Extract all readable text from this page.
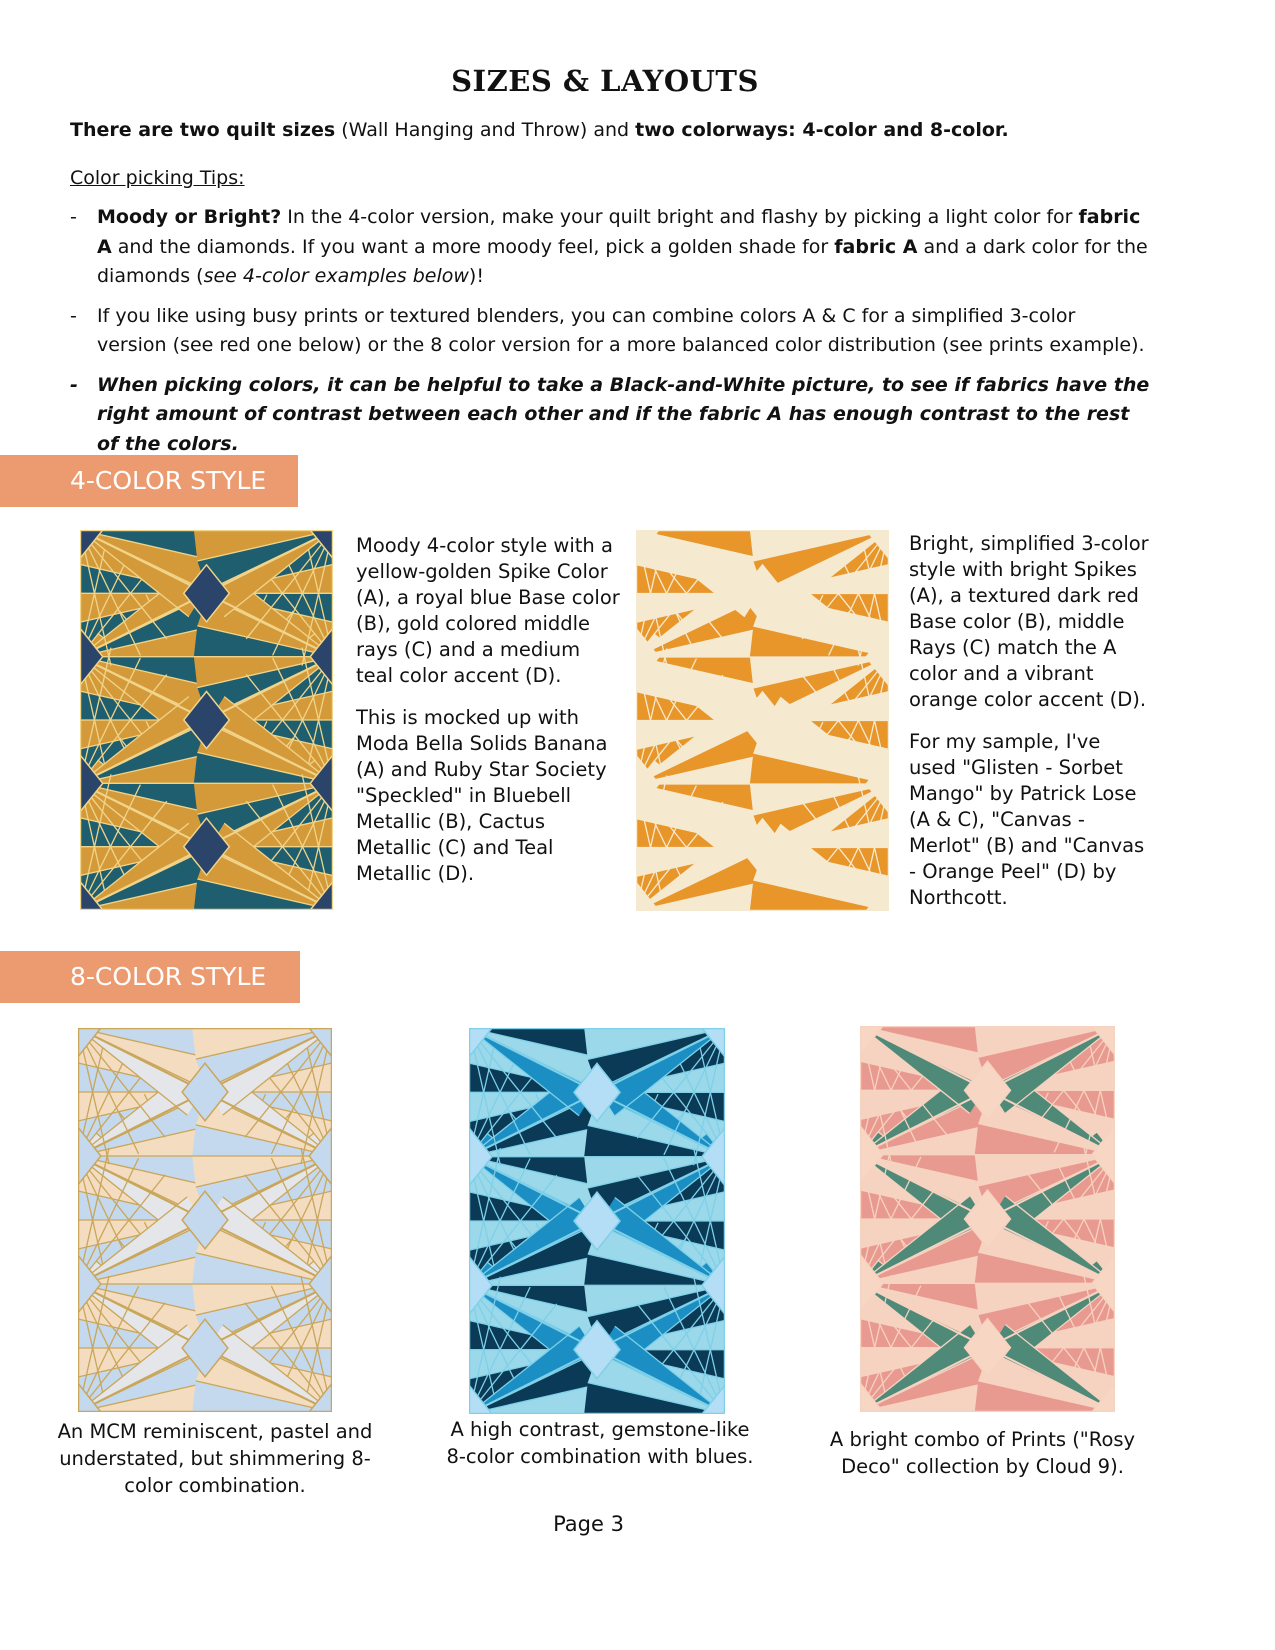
SIZES & LAYOUTS
There are two quilt sizes (Wall Hanging and Throw) and two colorways: 4-color and 8-color.
Color picking Tips:
- Moody or Bright? In the 4-color version, make your quilt bright and flashy by picking a light color for fabric A and the diamonds. If you want a more moody feel, pick a golden shade for fabric A and a dark color for the diamonds (see 4-color examples below)!
- If you like using busy prints or textured blenders, you can combine colors A & C for a simplified 3-color version (see red one below) or the 8 color version for a more balanced color distribution (see prints example).
- When picking colors, it can be helpful to take a Black-and-White picture, to see if fabrics have the right amount of contrast between each other and if the fabric A has enough contrast to the rest of the colors.
4-COLOR STYLE

Moody 4-color style with a yellow-golden Spike Color (A), a royal blue Base color (B), gold colored middle rays (C) and a medium teal color accent (D).

This is mocked up with Moda Bella Solids Banana (A) and Ruby Star Society "Speckled" in Bluebell Metallic (B), Cactus Metallic (C) and Teal Metallic (D).

Bright, simplified 3-color style with bright Spikes (A), a textured dark red Base color (B), middle Rays (C) match the A color and a vibrant orange color accent (D).

For my sample, I've used "Glisten - Sorbet Mango" by Patrick Lose (A & C), "Canvas - Merlot" (B) and "Canvas - Orange Peel" (D) by Northcott.

8-COLOR STYLE
An MCM reminiscent, pastel and understated, but shimmering 8-color combination.
A high contrast, gemstone-like 8-color combination with blues.
A bright combo of Prints ("Rosy Deco" collection by Cloud 9).
Page 3
